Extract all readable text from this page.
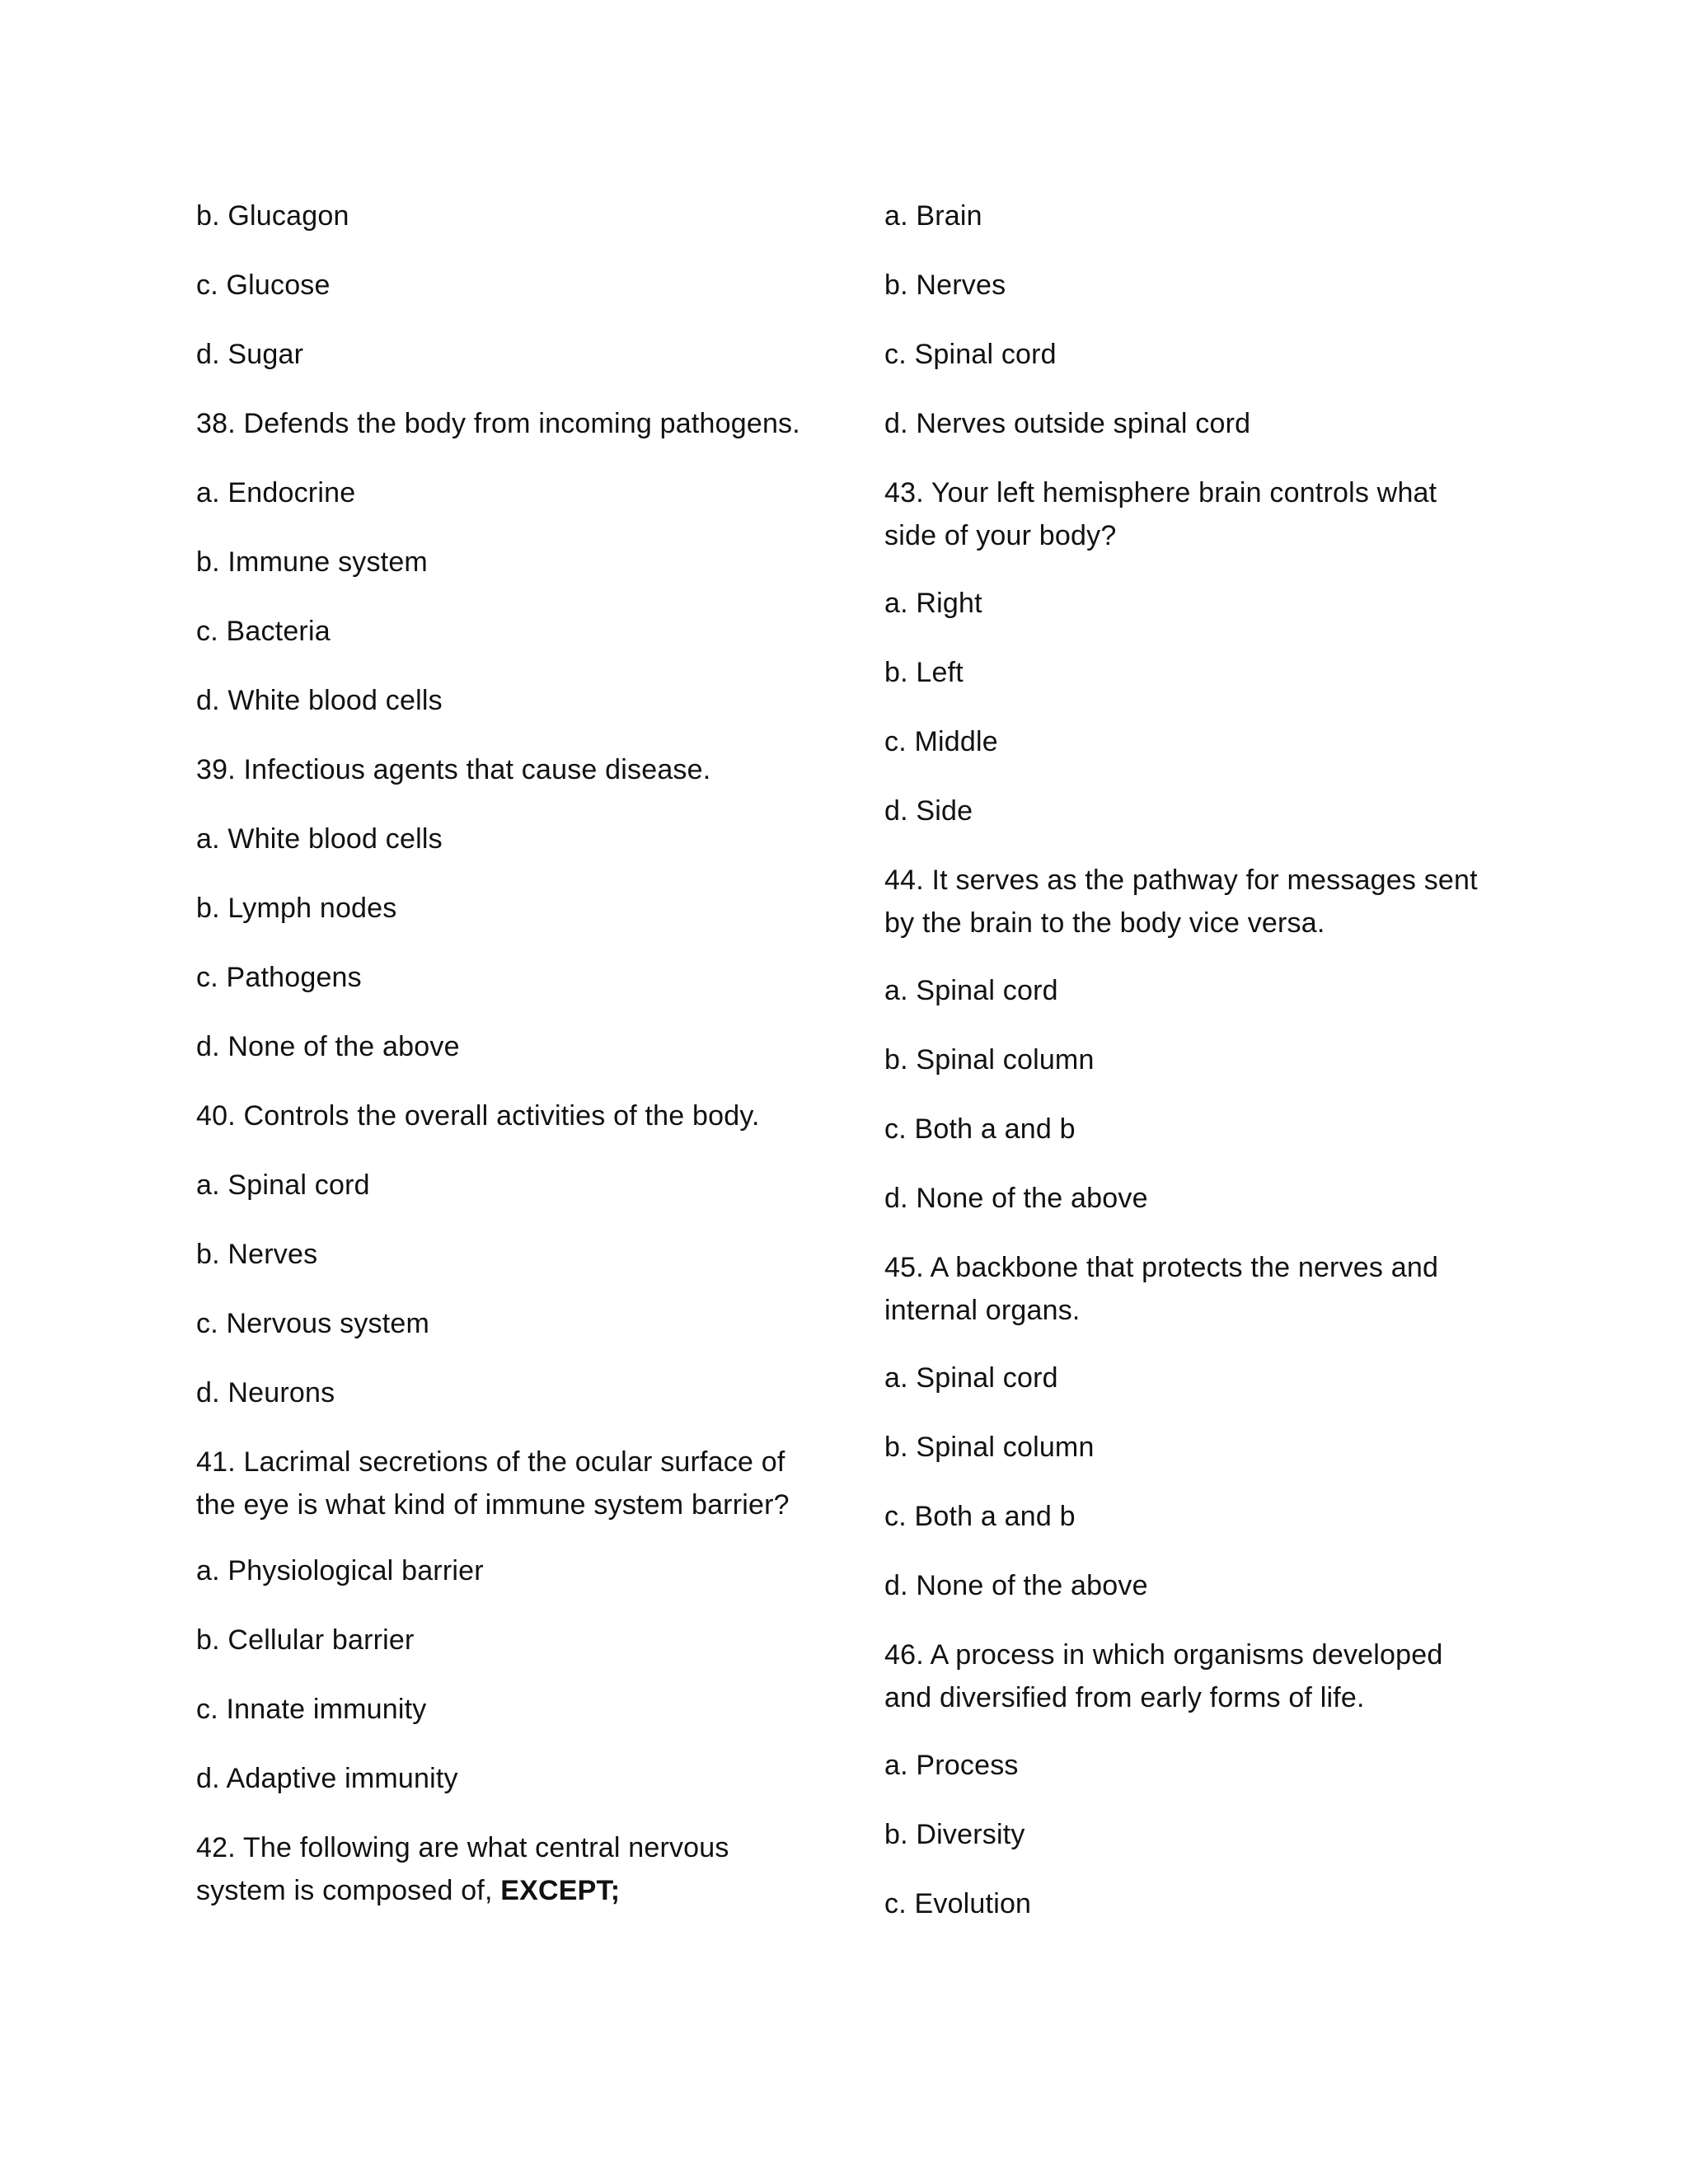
b. Glucagon
c. Glucose
d. Sugar
38. Defends the body from incoming pathogens.
a. Endocrine
b. Immune system
c. Bacteria
d. White blood cells
39. Infectious agents that cause disease.
a. White blood cells
b. Lymph nodes
c. Pathogens
d. None of the above
40. Controls the overall activities of the body.
a. Spinal cord
b. Nerves
c. Nervous system
d. Neurons
41. Lacrimal secretions of the ocular surface of
the eye is what kind of immune system barrier?
a. Physiological barrier
b. Cellular barrier
c. Innate immunity
d. Adaptive immunity
42. The following are what central nervous
system is composed of, EXCEPT;
a. Brain
b. Nerves
c. Spinal cord
d. Nerves outside spinal cord
43. Your left hemisphere brain controls what
side of your body?
a. Right
b. Left
c. Middle
d. Side
44. It serves as the pathway for messages sent
by the brain to the body vice versa.
a. Spinal cord
b. Spinal column
c. Both a and b
d. None of the above
45. A backbone that protects the nerves and
internal organs.
a. Spinal cord
b. Spinal column
c. Both a and b
d. None of the above
46. A process in which organisms developed
and diversified from early forms of life.
a. Process
b. Diversity
c. Evolution
